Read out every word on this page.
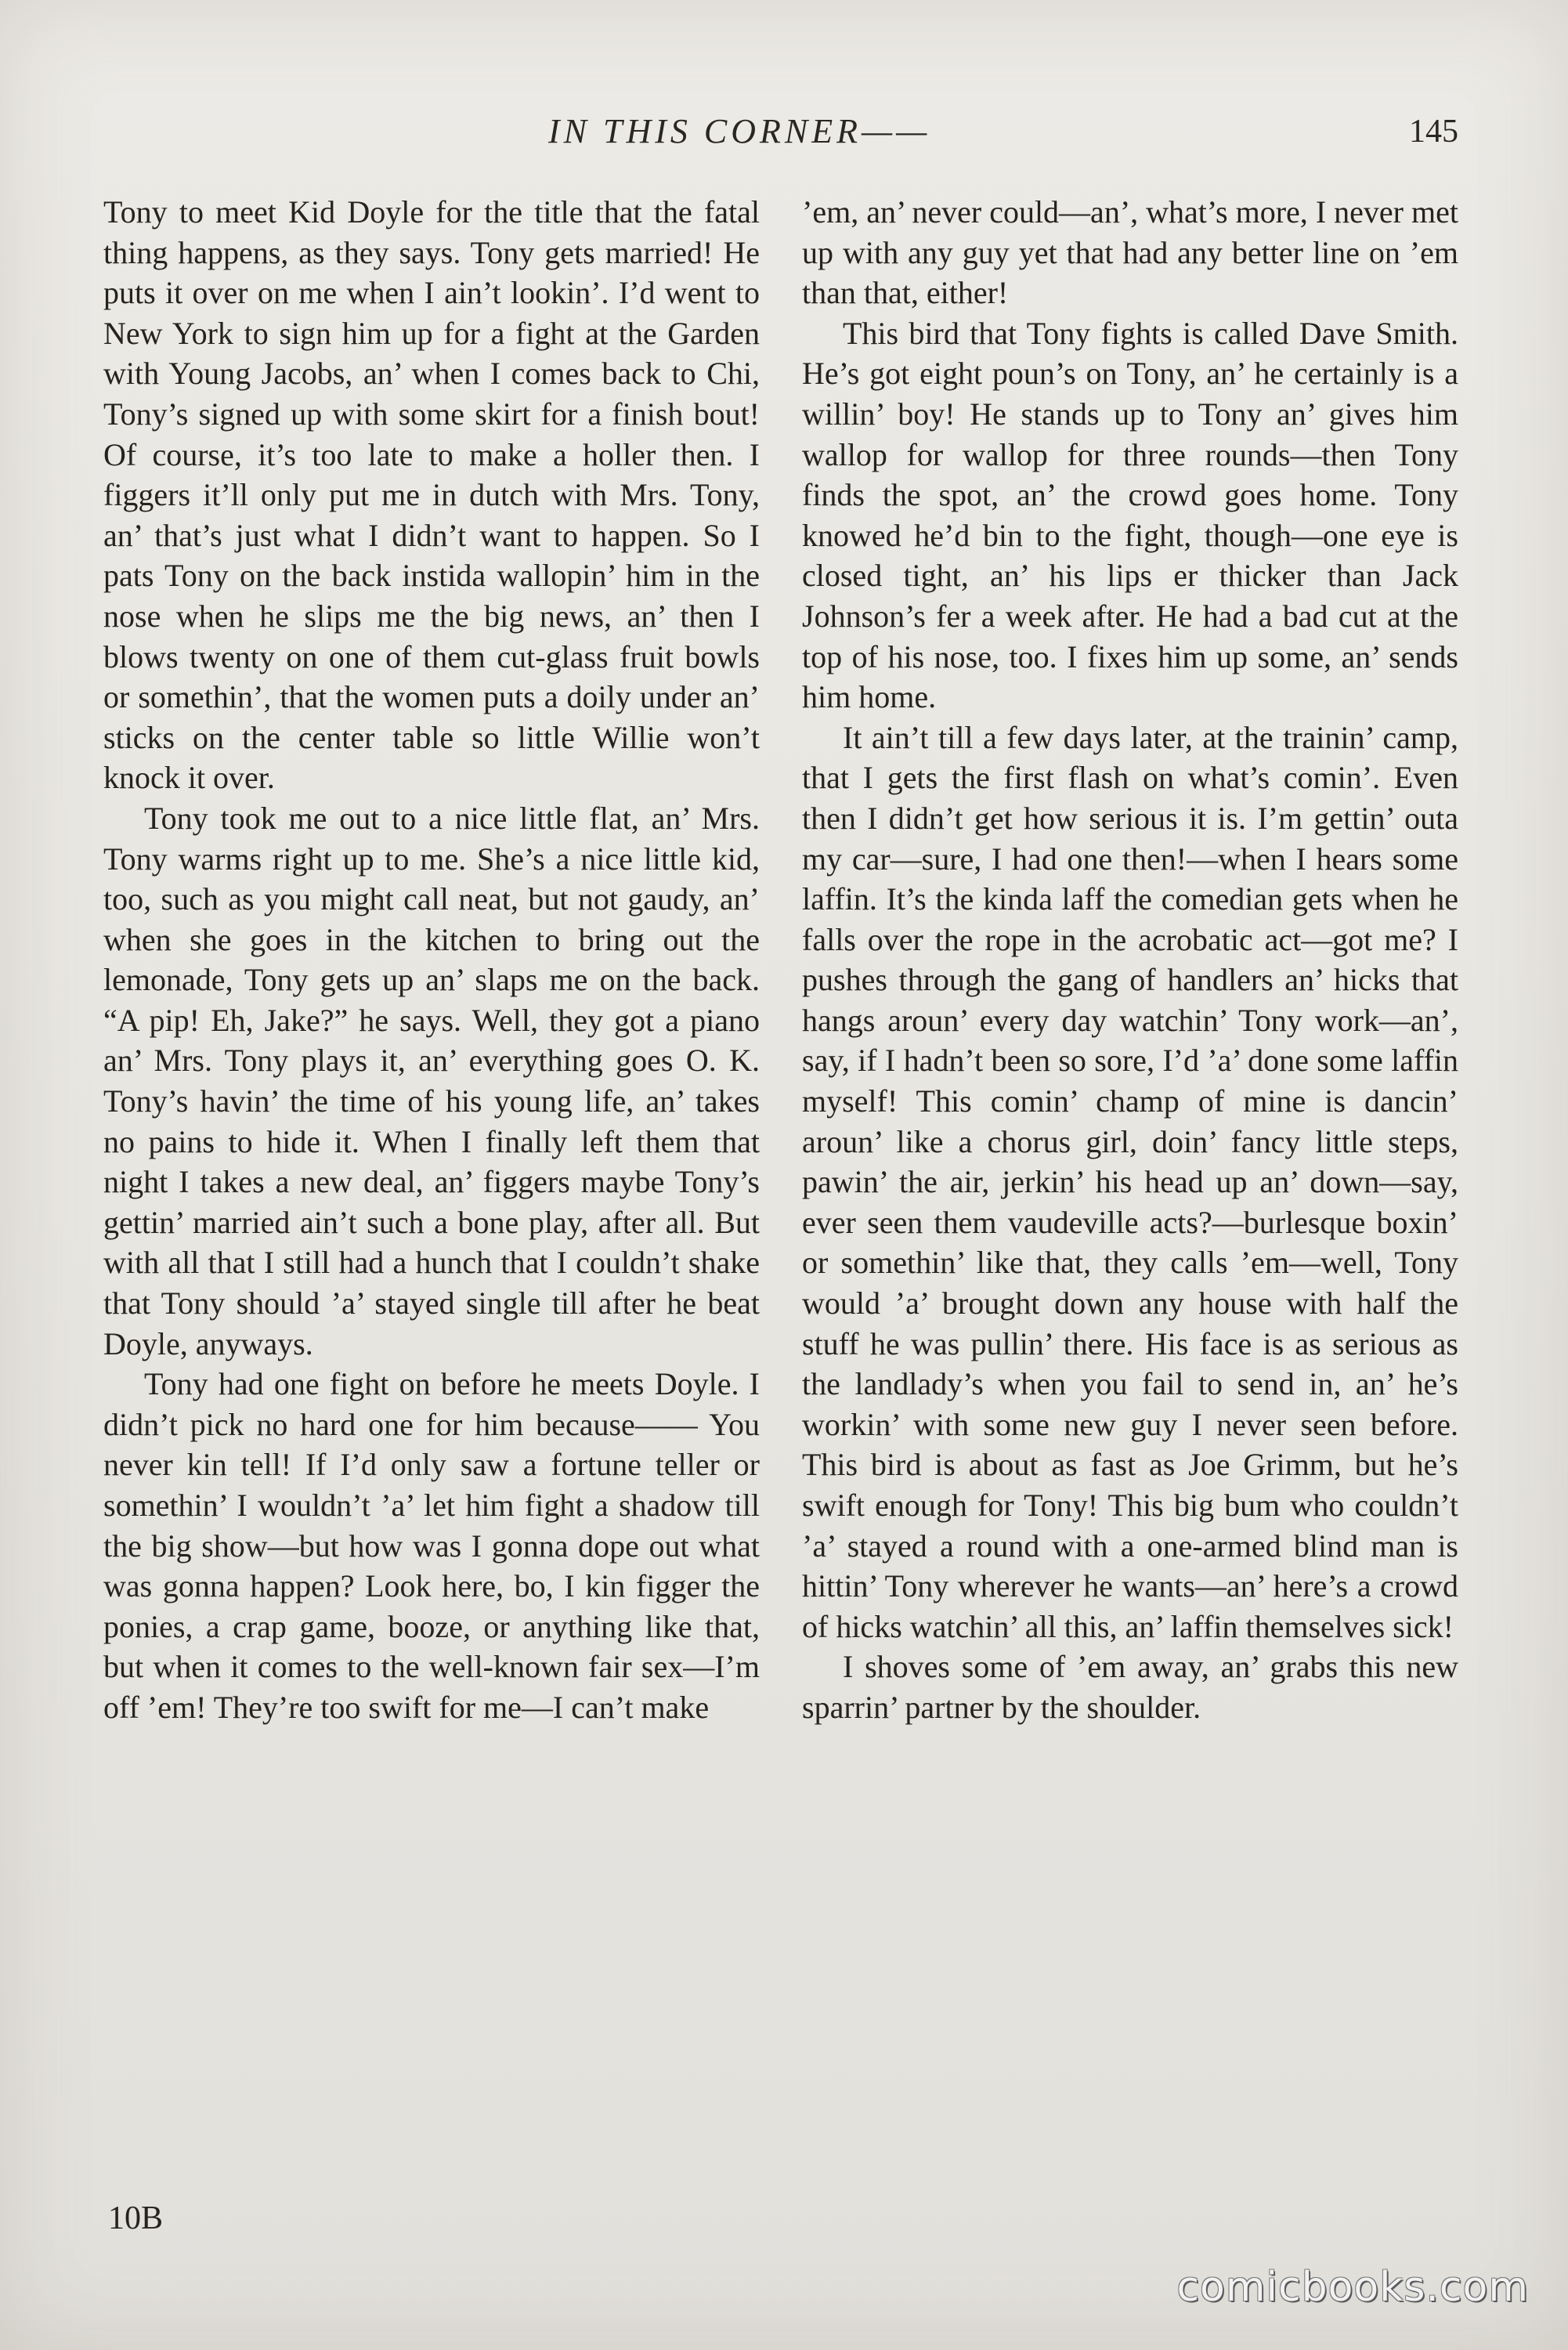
IN THIS CORNER——	145

Tony to meet Kid Doyle for the title that the fatal thing happens, as they says. Tony gets married! He puts it over on me when I ain’t lookin’. I’d went to New York to sign him up for a fight at the Garden with Young Jacobs, an’ when I comes back to Chi, Tony’s signed up with some skirt for a finish bout! Of course, it’s too late to make a holler then. I figgers it’ll only put me in dutch with Mrs. Tony, an’ that’s just what I didn’t want to happen. So I pats Tony on the back instida wallopin’ him in the nose when he slips me the big news, an’ then I blows twenty on one of them cut-glass fruit bowls or somethin’, that the women puts a doily under an’ sticks on the center table so little Willie won’t knock it over.

Tony took me out to a nice little flat, an’ Mrs. Tony warms right up to me. She’s a nice little kid, too, such as you might call neat, but not gaudy, an’ when she goes in the kitchen to bring out the lemonade, Tony gets up an’ slaps me on the back. “A pip! Eh, Jake?” he says. Well, they got a piano an’ Mrs. Tony plays it, an’ everything goes O. K. Tony’s havin’ the time of his young life, an’ takes no pains to hide it. When I finally left them that night I takes a new deal, an’ figgers maybe Tony’s gettin’ married ain’t such a bone play, after all. But with all that I still had a hunch that I couldn’t shake that Tony should ’a’ stayed single till after he beat Doyle, anyways.

Tony had one fight on before he meets Doyle. I didn’t pick no hard one for him because—— You never kin tell! If I’d only saw a fortune teller or somethin’ I wouldn’t ’a’ let him fight a shadow till the big show—but how was I gonna dope out what was gonna happen? Look here, bo, I kin figger the ponies, a crap game, booze, or anything like that, but when it comes to the well-known fair sex—I’m off ’em! They’re too swift for me—I can’t make

’em, an’ never could—an’, what’s more, I never met up with any guy yet that had any better line on ’em than that, either!

This bird that Tony fights is called Dave Smith. He’s got eight poun’s on Tony, an’ he certainly is a willin’ boy! He stands up to Tony an’ gives him wallop for wallop for three rounds—then Tony finds the spot, an’ the crowd goes home. Tony knowed he’d bin to the fight, though—one eye is closed tight, an’ his lips er thicker than Jack Johnson’s fer a week after. He had a bad cut at the top of his nose, too. I fixes him up some, an’ sends him home.

It ain’t till a few days later, at the trainin’ camp, that I gets the first flash on what’s comin’. Even then I didn’t get how serious it is. I’m gettin’ outa my car—sure, I had one then!—when I hears some laffin. It’s the kinda laff the comedian gets when he falls over the rope in the acrobatic act—got me? I pushes through the gang of handlers an’ hicks that hangs aroun’ every day watchin’ Tony work—an’, say, if I hadn’t been so sore, I’d ’a’ done some laffin myself! This comin’ champ of mine is dancin’ aroun’ like a chorus girl, doin’ fancy little steps, pawin’ the air, jerkin’ his head up an’ down—say, ever seen them vaudeville acts?—burlesque boxin’ or somethin’ like that, they calls ’em—well, Tony would ’a’ brought down any house with half the stuff he was pullin’ there. His face is as serious as the landlady’s when you fail to send in, an’ he’s workin’ with some new guy I never seen before. This bird is about as fast as Joe Grimm, but he’s swift enough for Tony! This big bum who couldn’t ’a’ stayed a round with a one-armed blind man is hittin’ Tony wherever he wants—an’ here’s a crowd of hicks watchin’ all this, an’ laffin themselves sick!

I shoves some of ’em away, an’ grabs this new sparrin’ partner by the shoulder.

10B
comicbooks.com
